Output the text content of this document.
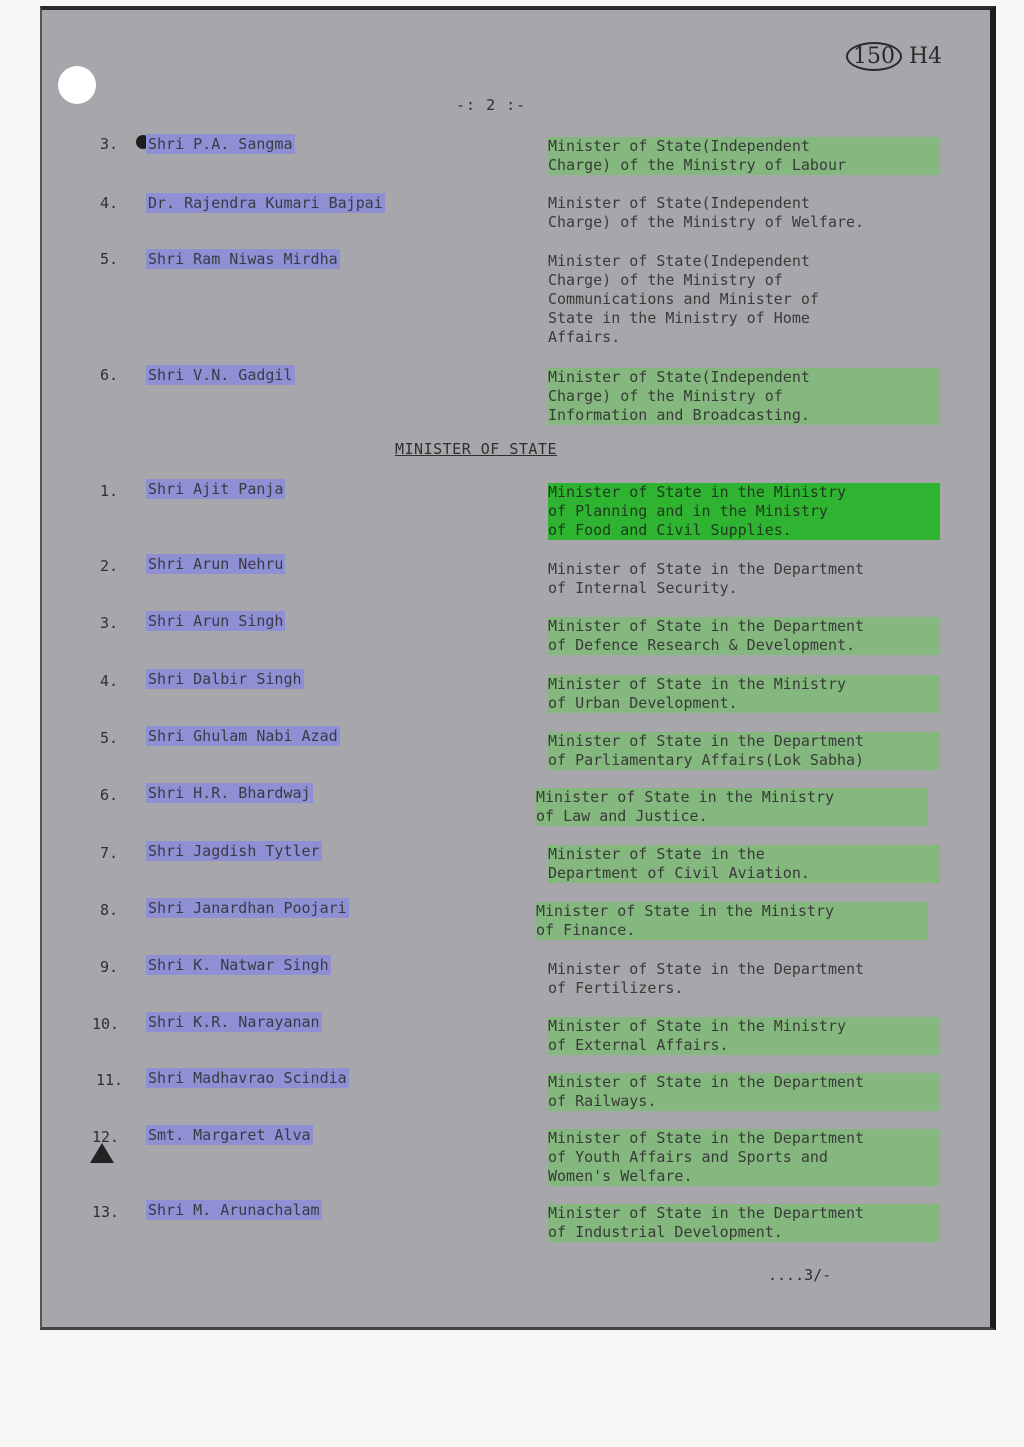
150 H4
-: 2 :-
3. Shri P.A. Sangma	Minister of State(Independent
Charge) of the Ministry of Labour
4. Dr. Rajendra Kumari Bajpai	Minister of State(Independent
Charge) of the Ministry of Welfare.
5. Shri Ram Niwas Mirdha	Minister of State(Independent
Charge) of the Ministry of
Communications and Minister of
State in the Ministry of Home
Affairs.
6. Shri V.N. Gadgil	Minister of State(Independent
Charge) of the Ministry of
Information and Broadcasting.
MINISTER OF STATE
1. Shri Ajit Panja	Minister of State in the Ministry
of Planning and in the Ministry
of Food and Civil Supplies.
2. Shri Arun Nehru	Minister of State in the Department
of Internal Security.
3. Shri Arun Singh	Minister of State in the Department
of Defence Research & Development.
4. Shri Dalbir Singh	Minister of State in the Ministry
of Urban Development.
5. Shri Ghulam Nabi Azad	Minister of State in the Department
of Parliamentary Affairs(Lok Sabha)
6. Shri H.R. Bhardwaj	Minister of State in the Ministry
of Law and Justice.
7. Shri Jagdish Tytler	Minister of State in the
Department of Civil Aviation.
8. Shri Janardhan Poojari	Minister of State in the Ministry
of Finance.
9. Shri K. Natwar Singh	Minister of State in the Department
of Fertilizers.
10. Shri K.R. Narayanan	Minister of State in the Ministry
of External Affairs.
11. Shri Madhavrao Scindia	Minister of State in the Department
of Railways.
12. Smt. Margaret Alva	Minister of State in the Department
of Youth Affairs and Sports and
Women's Welfare.
13. Shri M. Arunachalam	Minister of State in the Department
of Industrial Development.
....3/-
